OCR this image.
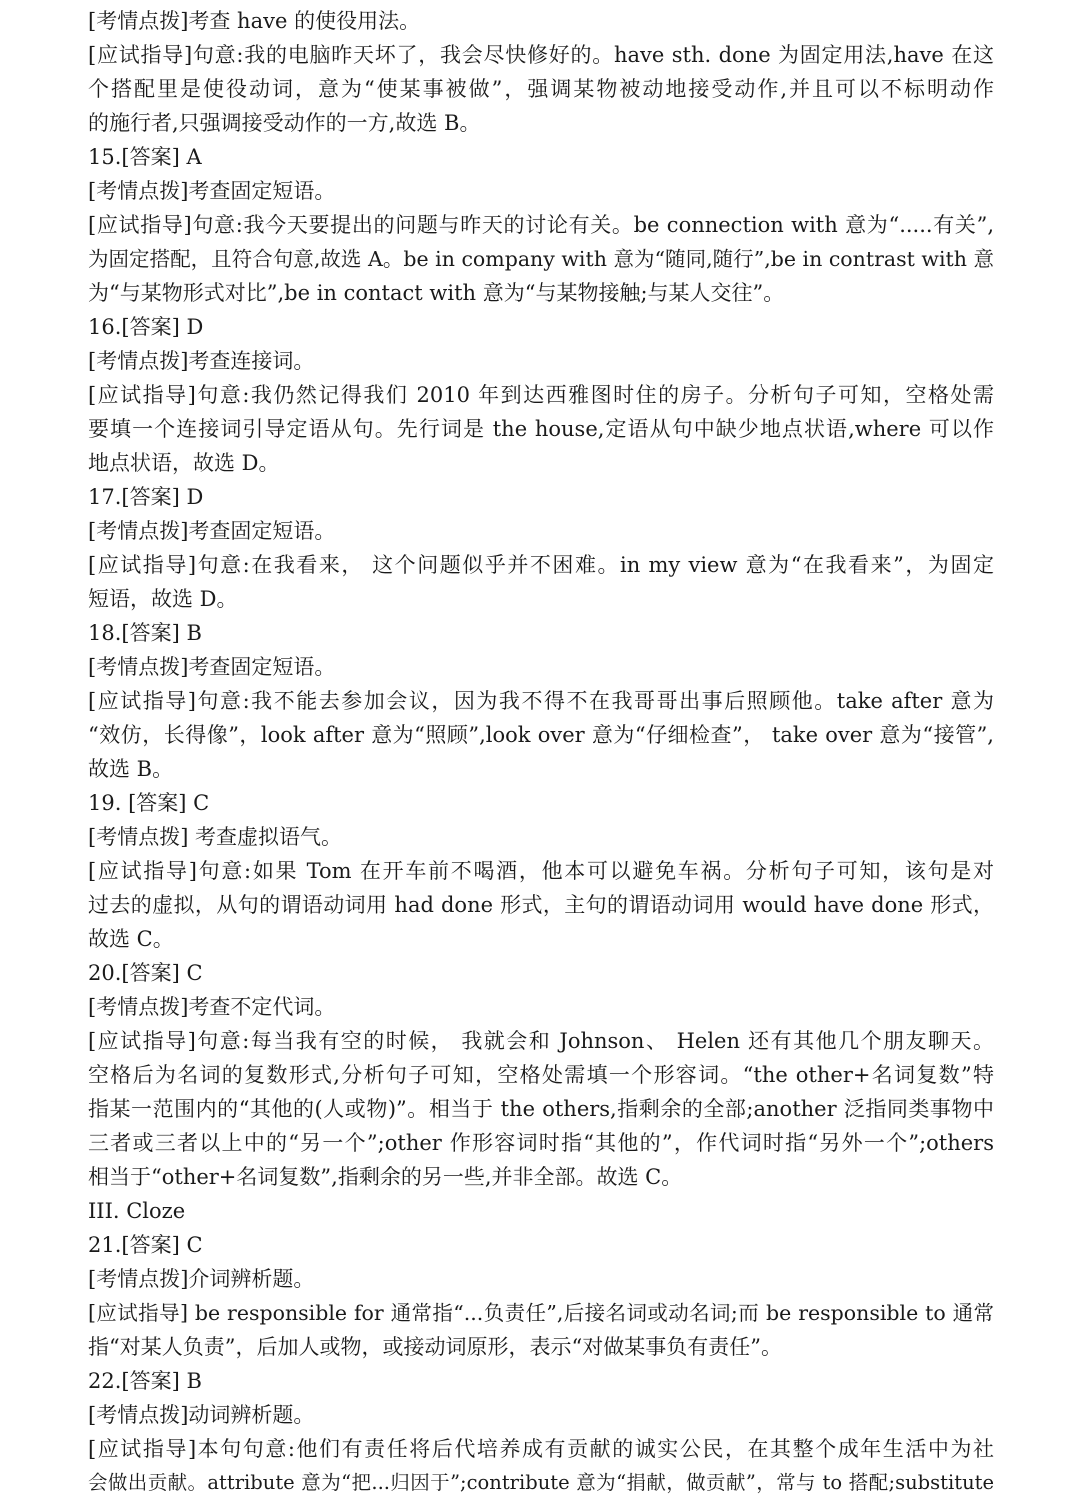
[考情点拨]考查 have 的使役用法。
[应试指导]句意:我的电脑昨天坏了，我会尽快修好的。have sth. done 为固定用法,have 在这
个搭配里是使役动词，意为“使某事被做”，强调某物被动地接受动作,并且可以不标明动作
的施行者,只强调接受动作的一方,故选 B。
15.[答案] A
[考情点拨]考查固定短语。
[应试指导]句意:我今天要提出的问题与昨天的讨论有关。be connection with 意为“.....有关”,
为固定搭配，且符合句意,故选 A。be in company with 意为“随同,随行”,be in contrast with 意
为“与某物形式对比”,be in contact with 意为“与某物接触;与某人交往”。
16.[答案] D
[考情点拨]考查连接词。
[应试指导]句意:我仍然记得我们 2010 年到达西雅图时住的房子。分析句子可知，空格处需
要填一个连接词引导定语从句。先行词是 the house,定语从句中缺少地点状语,where 可以作
地点状语，故选 D。
17.[答案] D
[考情点拨]考查固定短语。
[应试指导]句意:在我看来， 这个问题似乎并不困难。in my view 意为“在我看来”，为固定
短语，故选 D。
18.[答案] B
[考情点拨]考查固定短语。
[应试指导]句意:我不能去参加会议，因为我不得不在我哥哥出事后照顾他。take after 意为
“效仿，长得像”，look after 意为“照顾”,look over 意为“仔细检查”， take over 意为“接管”,
故选 B。
19. [答案] C
[考情点拨] 考查虚拟语气。
[应试指导]句意:如果 Tom 在开车前不喝酒，他本可以避免车祸。分析句子可知，该句是对
过去的虚拟，从句的谓语动词用 had done 形式，主句的谓语动词用 would have done 形式，
故选 C。
20.[答案] C
[考情点拨]考查不定代词。
[应试指导]句意:每当我有空的时候， 我就会和 Johnson、 Helen 还有其他几个朋友聊天。
空格后为名词的复数形式,分析句子可知，空格处需填一个形容词。“the other+名词复数”特
指某一范围内的“其他的(人或物)”。相当于 the others,指剩余的全部;another 泛指同类事物中
三者或三者以上中的“另一个”;other 作形容词时指“其他的”，作代词时指“另外一个”;others
相当于“other+名词复数”,指剩余的另一些,并非全部。故选 C。
III. Cloze
21.[答案] C
[考情点拨]介词辨析题。
[应试指导] be responsible for 通常指“...负责任”,后接名词或动名词;而 be responsible to 通常
指“对某人负责”，后加人或物，或接动词原形，表示“对做某事负有责任”。
22.[答案] B
[考情点拨]动词辨析题。
[应试指导]本句句意:他们有责任将后代培养成有贡献的诚实公民，在其整个成年生活中为社
会做出贡献。attribute 意为“把...归因于”;contribute 意为“捐献，做贡献”，常与 to 搭配;substitute
